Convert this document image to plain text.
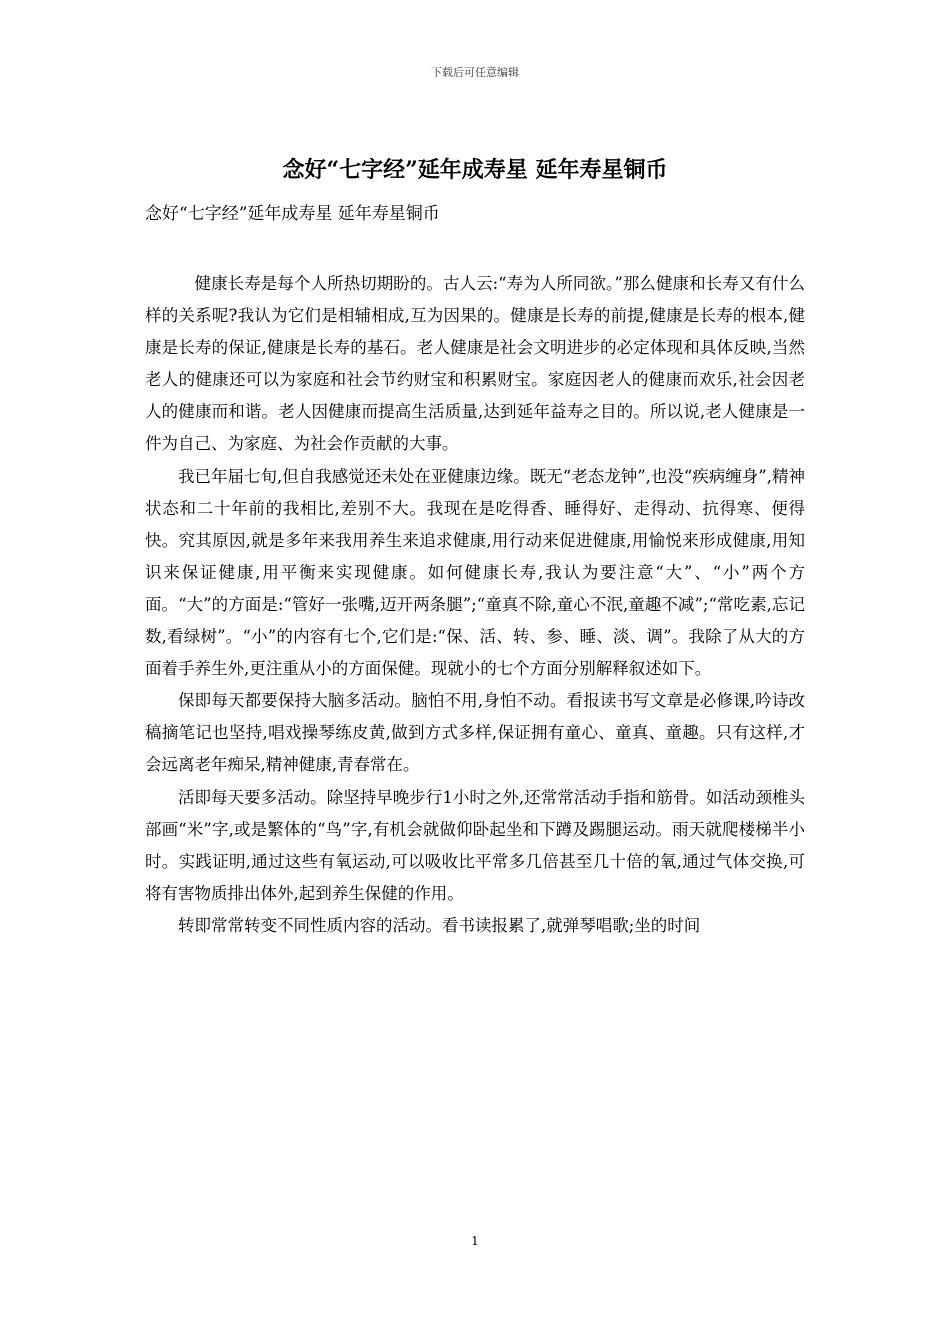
下载后可任意编辑
念好“七字经”延年成寿星 延年寿星铜币
念好“七字经”延年成寿星 延年寿星铜币

健康长寿是每个人所热切期盼的。古人云:“寿为人所同欲。”那么健康和长寿又有什么样的关系呢?我认为它们是相辅相成,互为因果的。健康是长寿的前提,健康是长寿的根本,健康是长寿的保证,健康是长寿的基石。老人健康是社会文明进步的必定体现和具体反映,当然老人的健康还可以为家庭和社会节约财宝和积累财宝。家庭因老人的健康而欢乐,社会因老人的健康而和谐。老人因健康而提高生活质量,达到延年益寿之目的。所以说,老人健康是一件为自己、为家庭、为社会作贡献的大事。

我已年届七旬,但自我感觉还未处在亚健康边缘。既无“老态龙钟”,也没“疾病缠身”,精神状态和二十年前的我相比,差别不大。我现在是吃得香、睡得好、走得动、抗得寒、便得快。究其原因,就是多年来我用养生来追求健康,用行动来促进健康,用愉悦来形成健康,用知识来保证健康,用平衡来实现健康。如何健康长寿,我认为要注意“大”、“小”两个方面。“大”的方面是:“管好一张嘴,迈开两条腿”;“童真不除,童心不泯,童趣不减”;“常吃素,忘记数,看绿树”。“小”的内容有七个,它们是:“保、活、转、参、睡、淡、调”。我除了从大的方面着手养生外,更注重从小的方面保健。现就小的七个方面分别解释叙述如下。

保即每天都要保持大脑多活动。脑怕不用,身怕不动。看报读书写文章是必修课,吟诗改稿摘笔记也坚持,唱戏操琴练皮黄,做到方式多样,保证拥有童心、童真、童趣。只有这样,才会远离老年痴呆,精神健康,青春常在。

活即每天要多活动。除坚持早晚步行1小时之外,还常常活动手指和筋骨。如活动颈椎头部画“米”字,或是繁体的“鸟”字,有机会就做仰卧起坐和下蹲及踢腿运动。雨天就爬楼梯半小时。实践证明,通过这些有氧运动,可以吸收比平常多几倍甚至几十倍的氧,通过气体交换,可将有害物质排出体外,起到养生保健的作用。

转即常常转变不同性质内容的活动。看书读报累了,就弹琴唱歌;坐的时间

1
